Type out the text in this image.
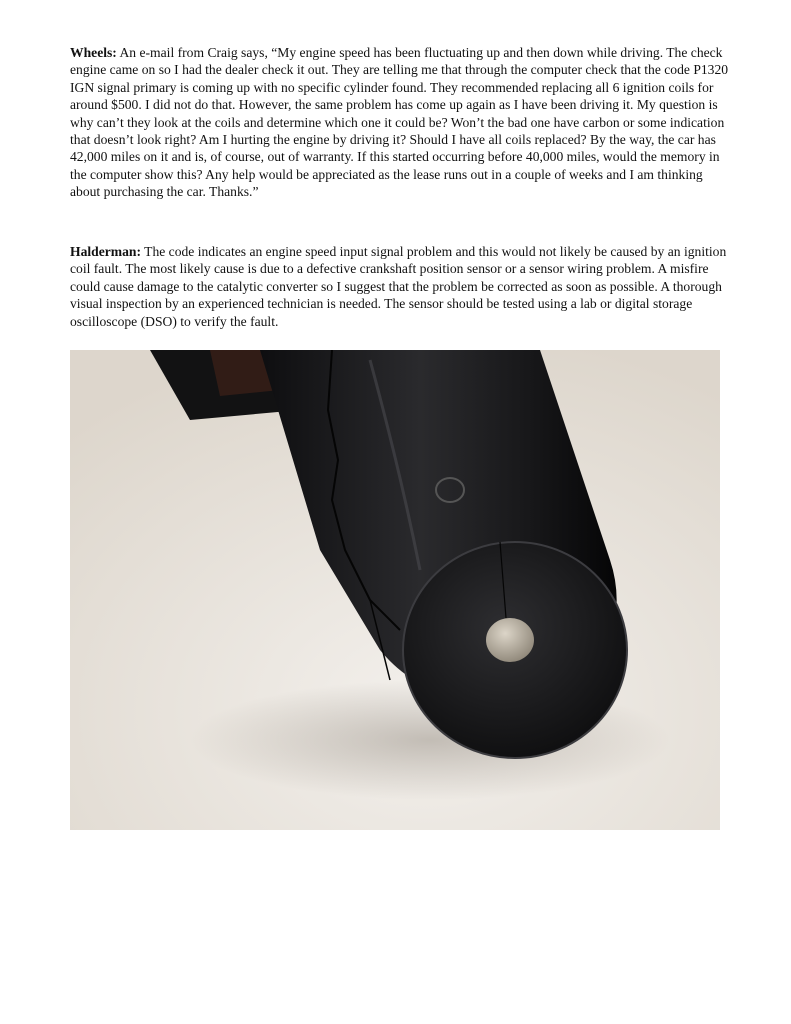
Wheels: An e-mail from Craig says, “My engine speed has been fluctuating up and then down while driving. The check engine came on so I had the dealer check it out. They are telling me that through the computer check that the code P1320 IGN signal primary is coming up with no specific cylinder found. They recommended replacing all 6 ignition coils for around $500. I did not do that. However, the same problem has come up again as I have been driving it. My question is why can’t they look at the coils and determine which one it could be? Won’t the bad one have carbon or some indication that doesn’t look right? Am I hurting the engine by driving it? Should I have all coils replaced? By the way, the car has 42,000 miles on it and is, of course, out of warranty. If this started occurring before 40,000 miles, would the memory in the computer show this? Any help would be appreciated as the lease runs out in a couple of weeks and I am thinking about purchasing the car. Thanks.”

Halderman: The code indicates an engine speed input signal problem and this would not likely be caused by an ignition coil fault. The most likely cause is due to a defective crankshaft position sensor or a sensor wiring problem. A misfire could cause damage to the catalytic converter so I suggest that the problem be corrected as soon as possible. A thorough visual inspection by an experienced technician is needed. The sensor should be tested using a lab or digital storage oscilloscope (DSO) to verify the fault.
